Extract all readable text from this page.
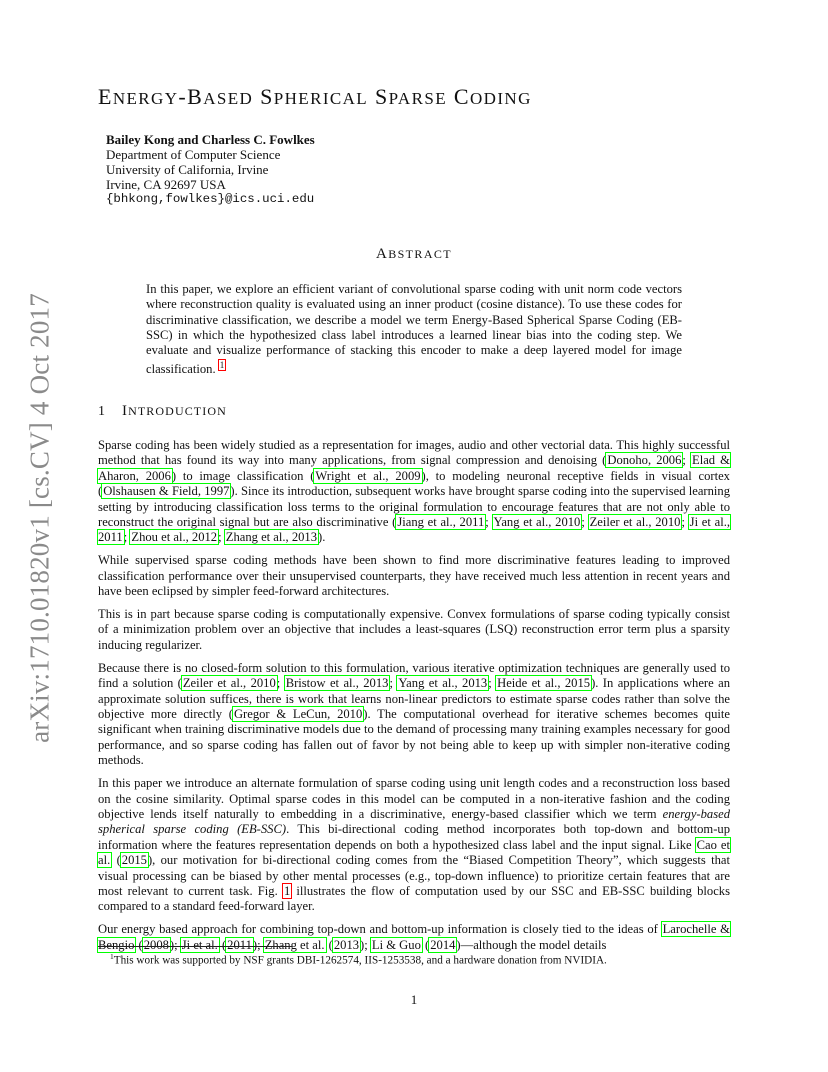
arXiv:1710.01820v1 [cs.CV] 4 Oct 2017
ENERGY-BASED SPHERICAL SPARSE CODING
Bailey Kong and Charless C. Fowlkes
Department of Computer Science
University of California, Irvine
Irvine, CA 92697 USA
{bhkong,fowlkes}@ics.uci.edu
ABSTRACT

In this paper, we explore an efficient variant of convolutional sparse coding with unit norm code vectors where reconstruction quality is evaluated using an inner product (cosine distance). To use these codes for discriminative classification, we describe a model we term Energy-Based Spherical Sparse Coding (EB-SSC) in which the hypothesized class label introduces a learned linear bias into the coding step. We evaluate and visualize performance of stacking this encoder to make a deep layered model for image classification. $^1$

1 INTRODUCTION

Sparse coding has been widely studied as a representation for images, audio and other vectorial data. This highly successful method that has found its way into many applications, from signal compression and denoising (Donoho, 2006; Elad & Aharon, 2006) to image classification (Wright et al., 2009), to modeling neuronal receptive fields in visual cortex (Olshausen & Field, 1997). Since its introduction, subsequent works have brought sparse coding into the supervised learning setting by introducing classification loss terms to the original formulation to encourage features that are not only able to reconstruct the original signal but are also discriminative (Jiang et al., 2011; Yang et al., 2010; Zeiler et al., 2010; Ji et al., 2011; Zhou et al., 2012; Zhang et al., 2013).

While supervised sparse coding methods have been shown to find more discriminative features leading to improved classification performance over their unsupervised counterparts, they have received much less attention in recent years and have been eclipsed by simpler feed-forward architectures.

This is in part because sparse coding is computationally expensive. Convex formulations of sparse coding typically consist of a minimization problem over an objective that includes a least-squares (LSQ) reconstruction error term plus a sparsity inducing regularizer.

Because there is no closed-form solution to this formulation, various iterative optimization techniques are generally used to find a solution (Zeiler et al., 2010; Bristow et al., 2013; Yang et al., 2013; Heide et al., 2015). In applications where an approximate solution suffices, there is work that learns non-linear predictors to estimate sparse codes rather than solve the objective more directly (Gregor & LeCun, 2010). The computational overhead for iterative schemes becomes quite significant when training discriminative models due to the demand of processing many training examples necessary for good performance, and so sparse coding has fallen out of favor by not being able to keep up with simpler non-iterative coding methods.

In this paper we introduce an alternate formulation of sparse coding using unit length codes and a reconstruction loss based on the cosine similarity. Optimal sparse codes in this model can be computed in a non-iterative fashion and the coding objective lends itself naturally to embedding in a discriminative, energy-based classifier which we term energy-based spherical sparse coding (EB-SSC). This bi-directional coding method incorporates both top-down and bottom-up information where the features representation depends on both a hypothesized class label and the input signal. Like Cao et al. (2015), our motivation for bi-directional coding comes from the “Biased Competition Theory”, which suggests that visual processing can be biased by other mental processes (e.g., top-down influence) to prioritize certain features that are most relevant to current task. Fig. 1 illustrates the flow of computation used by our SSC and EB-SSC building blocks compared to a standard feed-forward layer.

Our energy based approach for combining top-down and bottom-up information is closely tied to the ideas of Larochelle & Bengio (2008); Ji et al. (2011); Zhang et al. (2013); Li & Guo (2014)—although the model details

$^1$This work was supported by NSF grants DBI-1262574, IIS-1253538, and a hardware donation from NVIDIA.
1
